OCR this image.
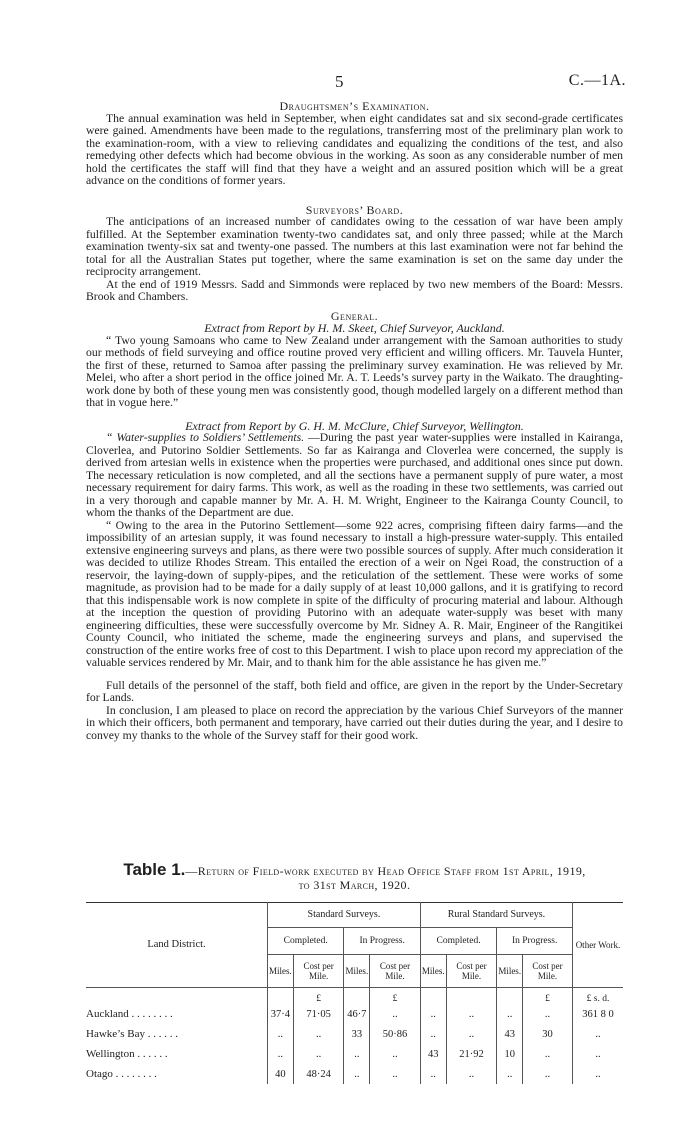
5	C.—1A.
Draughtsmen’s Examination.

The annual examination was held in September, when eight candidates sat and six second-grade certificates were gained. Amendments have been made to the regulations, transferring most of the preliminary plan work to the examination-room, with a view to relieving candidates and equalizing the conditions of the test, and also remedying other defects which had become obvious in the working. As soon as any considerable number of men hold the certificates the staff will find that they have a weight and an assured position which will be a great advance on the conditions of former years.

Surveyors’ Board.

The anticipations of an increased number of candidates owing to the cessation of war have been amply fulfilled. At the September examination twenty-two candidates sat, and only three passed; while at the March examination twenty-six sat and twenty-one passed. The numbers at this last examination were not far behind the total for all the Australian States put together, where the same examination is set on the same day under the reciprocity arrangement.

At the end of 1919 Messrs. Sadd and Simmonds were replaced by two new members of the Board: Messrs. Brook and Chambers.

General.
Extract from Report by H. M. Skeet, Chief Surveyor, Auckland.

“ Two young Samoans who came to New Zealand under arrangement with the Samoan authorities to study our methods of field surveying and office routine proved very efficient and willing officers. Mr. Tauvela Hunter, the first of these, returned to Samoa after passing the preliminary survey examination. He was relieved by Mr. Melei, who after a short period in the office joined Mr. A. T. Leeds’s survey party in the Waikato. The draughting-work done by both of these young men was consistently good, though modelled largely on a different method than that in vogue here.”

Extract from Report by G. H. M. McClure, Chief Surveyor, Wellington.

“ Water-supplies to Soldiers’ Settlements. —During the past year water-supplies were installed in Kairanga, Cloverlea, and Putorino Soldier Settlements. So far as Kairanga and Cloverlea were concerned, the supply is derived from artesian wells in existence when the properties were purchased, and additional ones since put down. The necessary reticulation is now completed, and all the sections have a permanent supply of pure water, a most necessary requirement for dairy farms. This work, as well as the roading in these two settlements, was carried out in a very thorough and capable manner by Mr. A. H. M. Wright, Engineer to the Kairanga County Council, to whom the thanks of the Department are due.

“ Owing to the area in the Putorino Settlement—some 922 acres, comprising fifteen dairy farms—and the impossibility of an artesian supply, it was found necessary to install a high-pressure water-supply. This entailed extensive engineering surveys and plans, as there were two possible sources of supply. After much consideration it was decided to utilize Rhodes Stream. This entailed the erection of a weir on Ngei Road, the construction of a reservoir, the laying-down of supply-pipes, and the reticulation of the settlement. These were works of some magnitude, as provision had to be made for a daily supply of at least 10,000 gallons, and it is gratifying to record that this indispensable work is now complete in spite of the difficulty of procuring material and labour. Although at the inception the question of providing Putorino with an adequate water-supply was beset with many engineering difficulties, these were successfully overcome by Mr. Sidney A. R. Mair, Engineer of the Rangitikei County Council, who initiated the scheme, made the engineering surveys and plans, and supervised the construction of the entire works free of cost to this Department. I wish to place upon record my appreciation of the valuable services rendered by Mr. Mair, and to thank him for the able assistance he has given me.”

Full details of the personnel of the staff, both field and office, are given in the report by the Under-Secretary for Lands.

In conclusion, I am pleased to place on record the appreciation by the various Chief Surveyors of the manner in which their officers, both permanent and temporary, have carried out their duties during the year, and I desire to convey my thanks to the whole of the Survey staff for their good work.

Table 1.—Return of Field-work executed by Head Office Staff from 1st April, 1919,
to 31st March, 1920.
Land District.	Standard Surveys.				Rural Standard Surveys.				Other Work.
	Completed.		In Progress.		Completed.		In Progress.		
	Miles.	Cost per Mile.	Miles.	Cost per Mile.	Miles.	Cost per Mile.	Miles.	Cost per Mile.	
		£		£				£	£ s. d.
Auckland . . . . . . . .	37·4	71·05	46·7	..	..	..	..	..	361 8 0
Hawke’s Bay . . . . . .	..	..	33	50·86	..	..	43	30	..
Wellington . . . . . .	..	..	..	..	43	21·92	10	..	..
Otago . . . . . . . .	40	48·24	..	..	..	..	..	..	..
